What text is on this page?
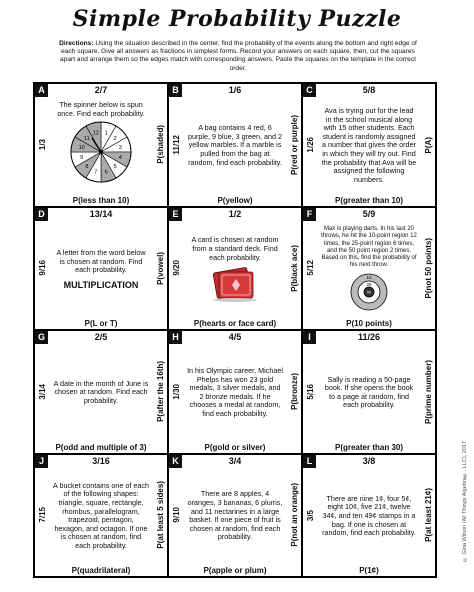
Simple Probability Puzzle
Directions: Using the situation described in the center, find the probability of the events along the bottom and right edge of each square. Give all answers as fractions in simplest forms. Record your answers on each square, then, cut the squares apart and arrange them so the edges match with corresponding answers. Paste the squares on the template in the correct order.
A	2/7
1/3	P(shaded)
The spinner below is spun once. Find each probability.
1
2
3
4
5
6
7
8
9
10
11
12
P(less than 10)
B	1/6
11/12	P(red or purple)
A bag contains 4 red, 6 purple, 9 blue, 3 green, and 2 yellow marbles. If a marble is pulled from the bag at random, find each probability.
P(yellow)
C	5/8
1/26	P(A)
Ava is trying out for the lead in the school musical along with 15 other students. Each student is randomly assigned a number that gives the order in which they will try out. Find the probability that Ava will be assigned the following numbers.
P(greater than 10)
D	13/14
9/16	P(vowel)
A letter from the word below is chosen at random. Find each probability.
MULTIPLICATION
P(L or T)
E	1/2
9/20	P(black ace)
A card is chosen at random from a standard deck. Find each probability.
P(hearts or face card)
F	5/9
5/12	P(not 50 points)
Max is playing darts. In his last 20 throws, he hit the 10-point region 12 times, the 25-point region 6 times, and the 50 point region 2 times. Based on this, find the probability of his next throw.
10
25
50
P(10 points)
G	2/5
3/14	P(after the 16th)
A date in the month of June is chosen at random. Find each probability.
P(odd and multiple of 3)
H	4/5
1/30	P(bronze)
In his Olympic career, Michael Phelps has won 23 gold medals, 3 silver medals, and 2 bronze medals. If he chooses a medal at random, find each probability.
P(gold or silver)
I	11/26
5/16	P(prime number)
Sally is reading a 50-page book. If she opens the book to a page at random, find each probability.
P(greater than 30)
J	3/16
7/15	P(at least 5 sides)
A bucket contains one of each of the following shapes: triangle, square, rectangle, rhombus, parallelogram, trapezoid, pentagon, hexagon, and octagon. If one is chosen at random, find each probability.
P(quadrilateral)
K	3/4
9/10	P(not an orange)
There are 8 apples, 4 oranges, 3 bananas, 6 plums, and 11 nectarines in a large basket. If one piece of fruit is chosen at random, find each probability.
P(apple or plum)
L	3/8
3/5	P(at least 21¢)
There are nine 1¢, four 5¢, eight 10¢, five 21¢, twelve 34¢, and ten 49¢ stamps in a bag. If one is chosen at random, find each probability.
P(1¢)
© Gina Wilson (All Things Algebra®, LLC), 2017
